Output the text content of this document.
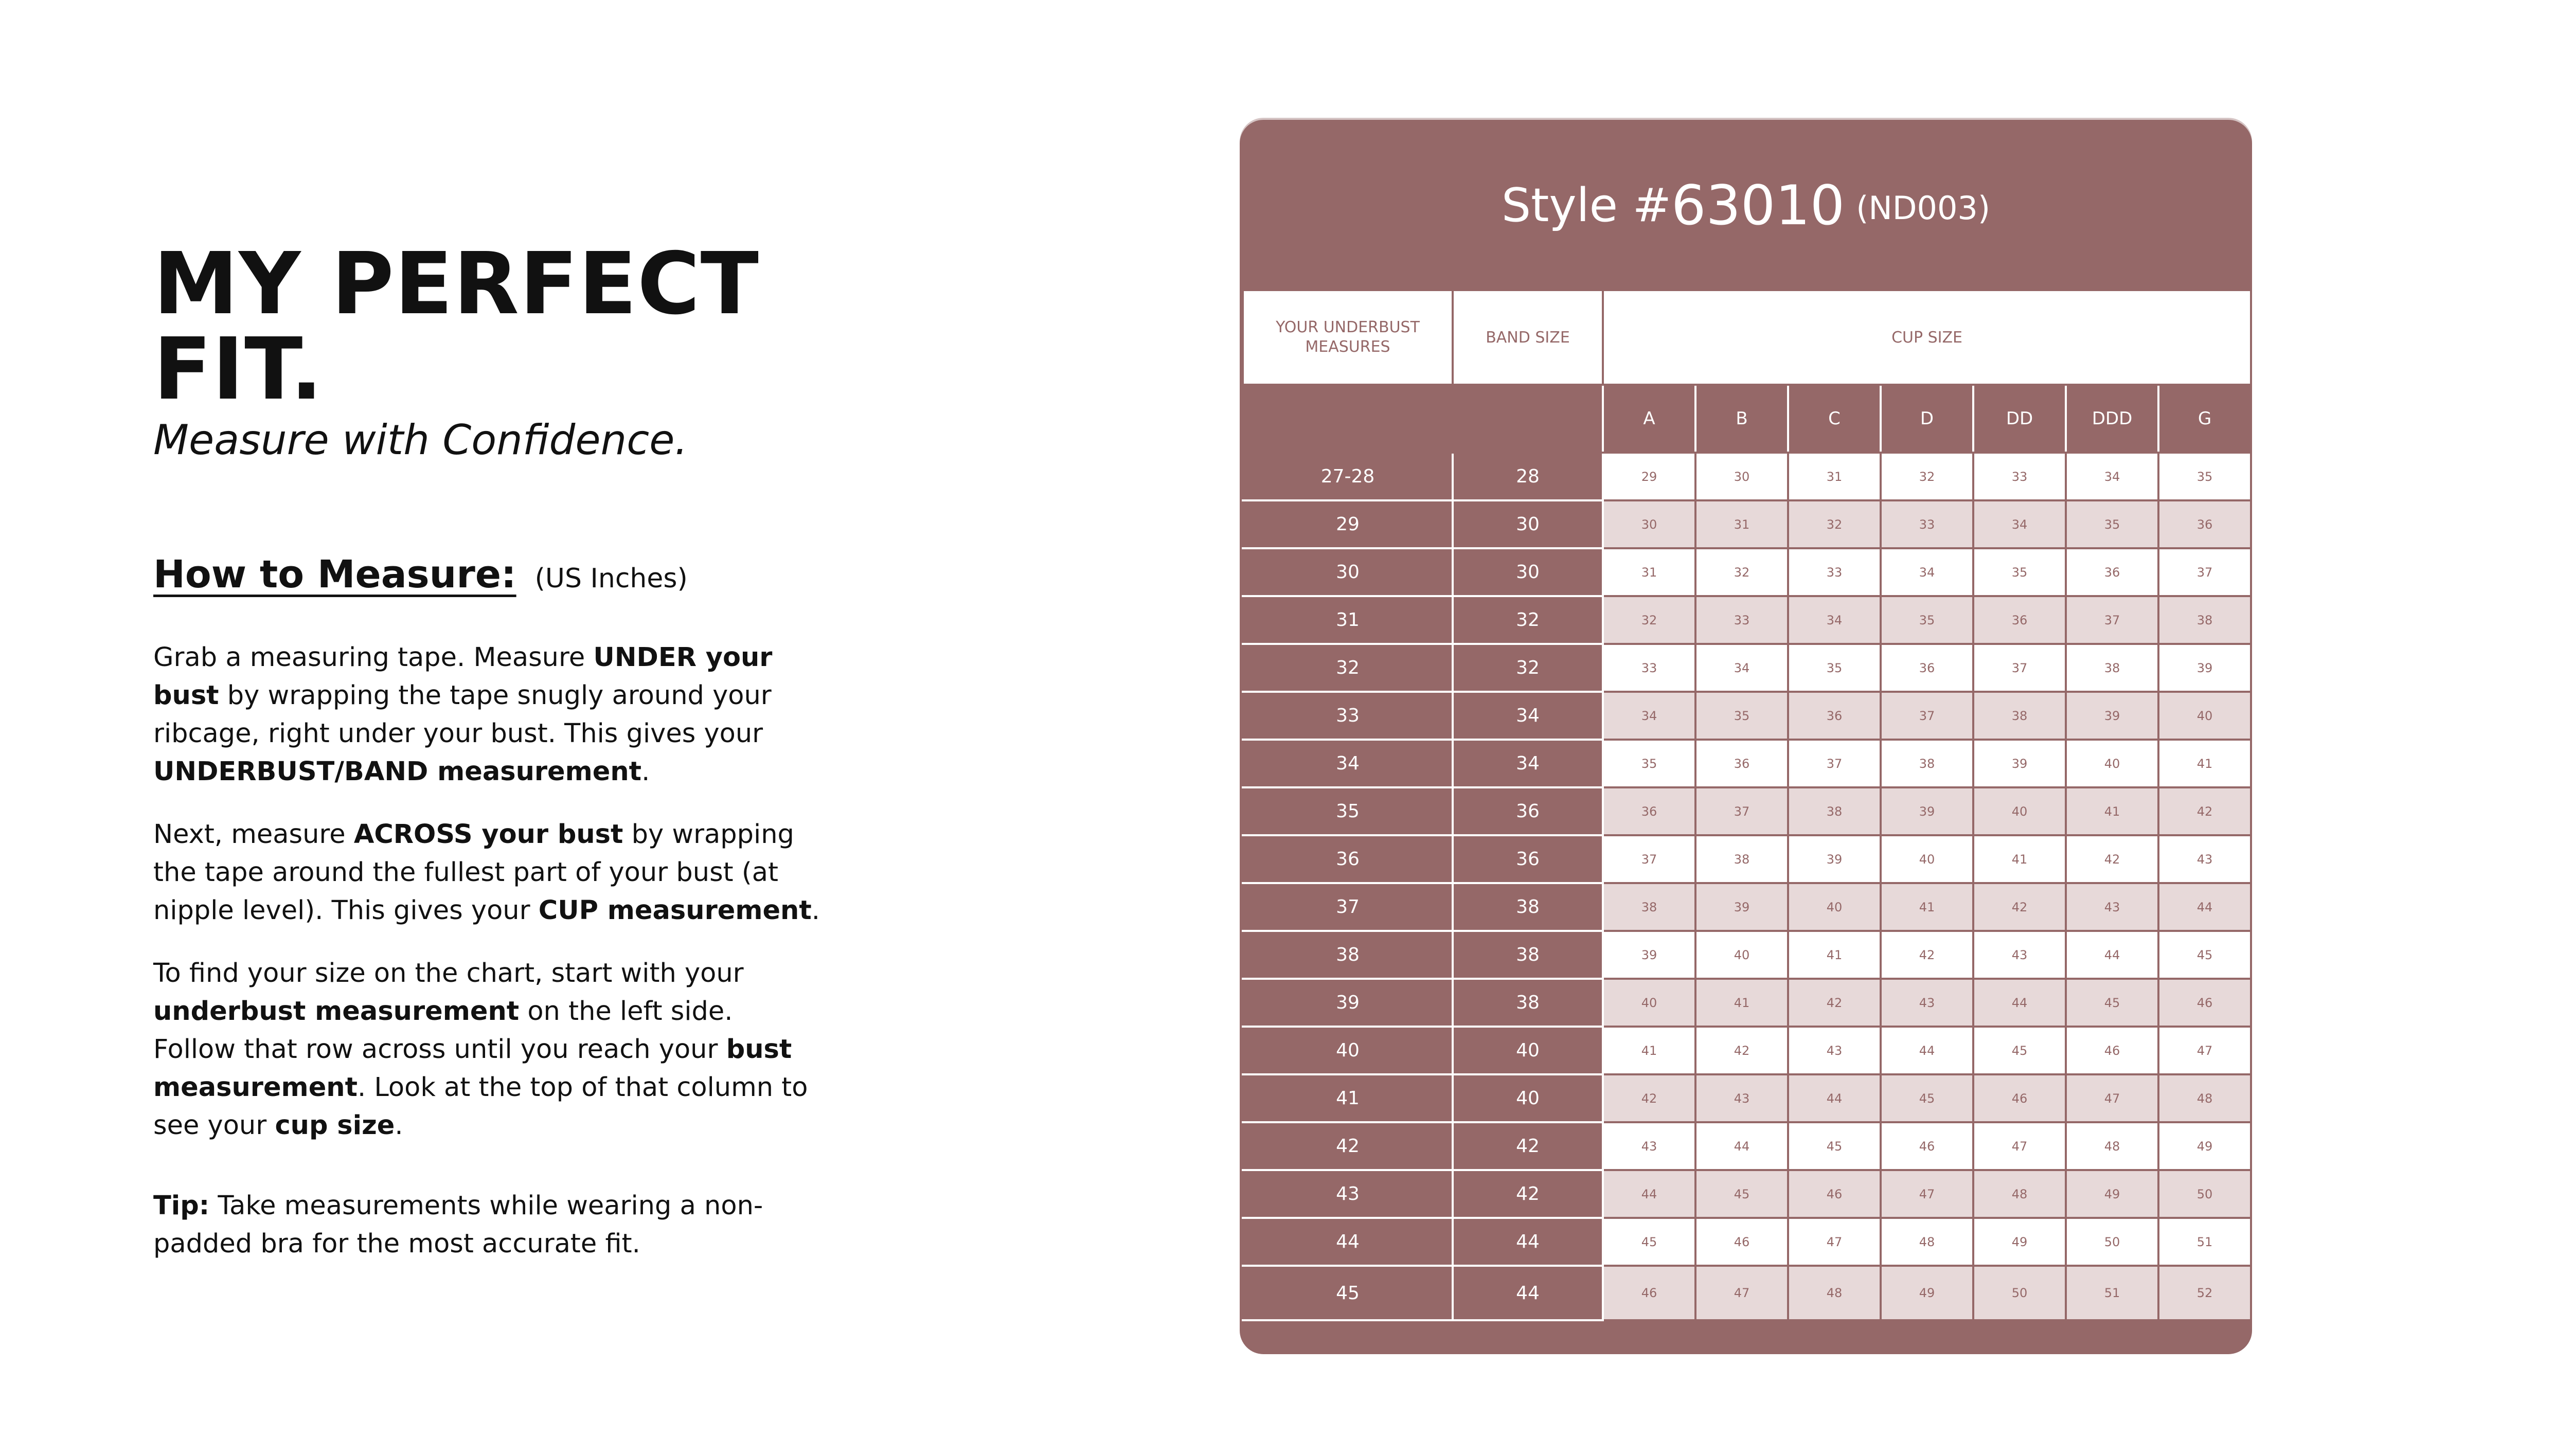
MY PERFECT FIT.
Measure with Confidence.
How to Measure: (US Inches)

Grab a measuring tape. Measure UNDER your bust by wrapping the tape snugly around your ribcage, right under your bust. This gives your UNDERBUST/BAND measurement.

Next, measure ACROSS your bust by wrapping the tape around the fullest part of your bust (at nipple level). This gives your CUP measurement.

To find your size on the chart, start with your underbust measurement on the left side. Follow that row across until you reach your bust measurement. Look at the top of that column to see your cup size.

Tip: Take measurements while wearing a non-padded bra for the most accurate fit.

Style # 63010 (ND003)
YOUR UNDERBUST MEASURES	BAND SIZE	CUP SIZE						
		A	B	C	D	DD	DDD	G
27-28	28	29	30	31	32	33	34	35
29	30	30	31	32	33	34	35	36
30	30	31	32	33	34	35	36	37
31	32	32	33	34	35	36	37	38
32	32	33	34	35	36	37	38	39
33	34	34	35	36	37	38	39	40
34	34	35	36	37	38	39	40	41
35	36	36	37	38	39	40	41	42
36	36	37	38	39	40	41	42	43
37	38	38	39	40	41	42	43	44
38	38	39	40	41	42	43	44	45
39	38	40	41	42	43	44	45	46
40	40	41	42	43	44	45	46	47
41	40	42	43	44	45	46	47	48
42	42	43	44	45	46	47	48	49
43	42	44	45	46	47	48	49	50
44	44	45	46	47	48	49	50	51
45	44	46	47	48	49	50	51	52
